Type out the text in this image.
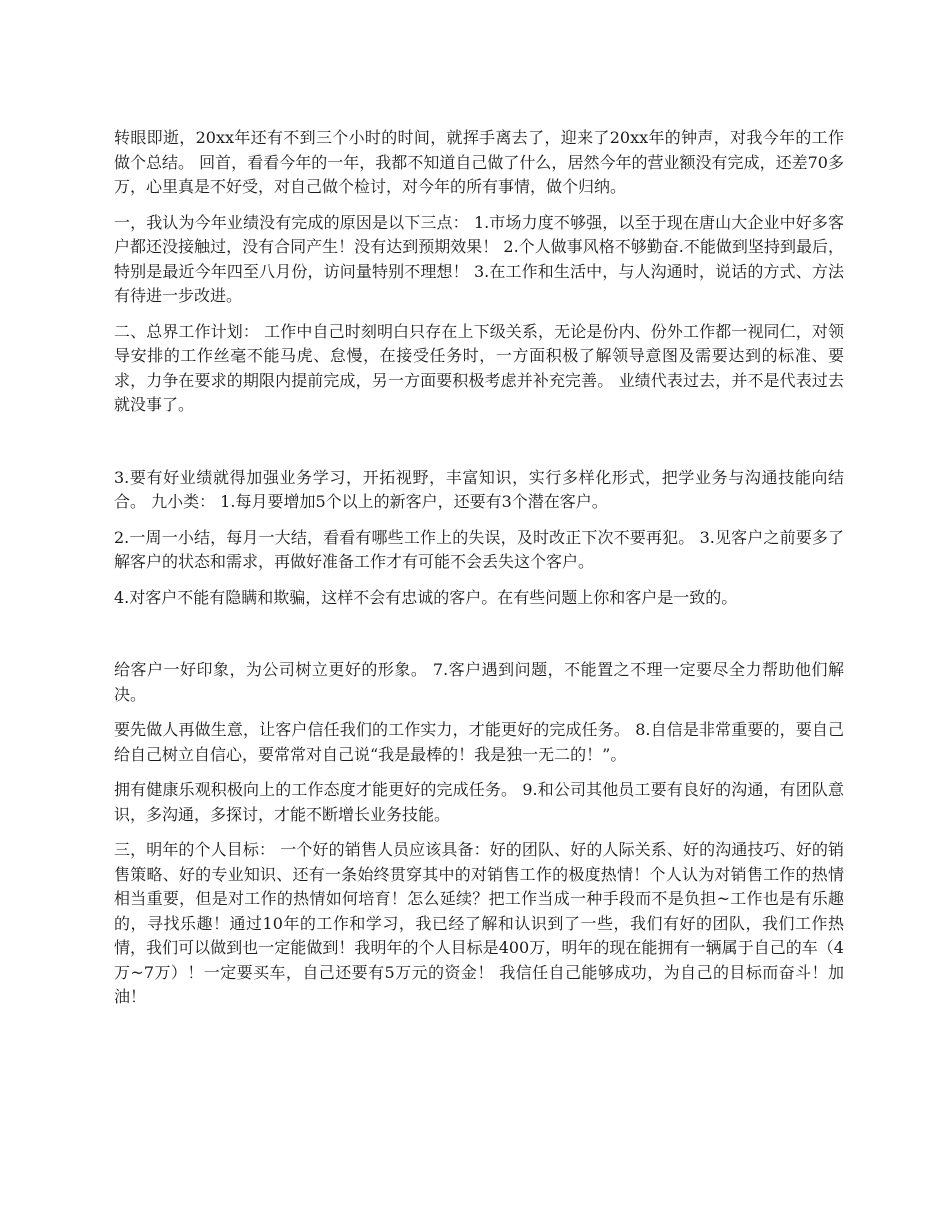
转眼即逝，20xx年还有不到三个小时的时间，就挥手离去了，迎来了20xx年的钟声，对我今年的工作做个总结。 回首，看看今年的一年，我都不知道自己做了什么，居然今年的营业额没有完成，还差70多万，心里真是不好受，对自己做个检讨，对今年的所有事情，做个归纳。

一，我认为今年业绩没有完成的原因是以下三点： 1.市场力度不够强，以至于现在唐山大企业中好多客户都还没接触过，没有合同产生！没有达到预期效果！ 2.个人做事风格不够勤奋.不能做到坚持到最后，特别是最近今年四至八月份，访问量特别不理想！ 3.在工作和生活中，与人沟通时，说话的方式、方法有待进一步改进。

二、总界工作计划： 工作中自己时刻明白只存在上下级关系，无论是份内、份外工作都一视同仁，对领导安排的工作丝毫不能马虎、怠慢，在接受任务时，一方面积极了解领导意图及需要达到的标准、要求，力争在要求的期限内提前完成，另一方面要积极考虑并补充完善。 业绩代表过去，并不是代表过去就没事了。

3.要有好业绩就得加强业务学习，开拓视野，丰富知识，实行多样化形式，把学业务与沟通技能向结合。 九小类： 1.每月要增加5个以上的新客户，还要有3个潜在客户。

2.一周一小结，每月一大结，看看有哪些工作上的失误，及时改正下次不要再犯。 3.见客户之前要多了解客户的状态和需求，再做好准备工作才有可能不会丢失这个客户。

4.对客户不能有隐瞒和欺骗，这样不会有忠诚的客户。在有些问题上你和客户是一致的。

给客户一好印象，为公司树立更好的形象。 7.客户遇到问题，不能置之不理一定要尽全力帮助他们解决。

要先做人再做生意，让客户信任我们的工作实力，才能更好的完成任务。 8.自信是非常重要的，要自己给自己树立自信心，要常常对自己说“我是最棒的！我是独一无二的！”。

拥有健康乐观积极向上的工作态度才能更好的完成任务。 9.和公司其他员工要有良好的沟通，有团队意识，多沟通，多探讨，才能不断增长业务技能。

三，明年的个人目标： 一个好的销售人员应该具备：好的团队、好的人际关系、好的沟通技巧、好的销售策略、好的专业知识、还有一条始终贯穿其中的对销售工作的极度热情！个人认为对销售工作的热情相当重要，但是对工作的热情如何培育！怎么延续？把工作当成一种手段而不是负担~工作也是有乐趣的，寻找乐趣！通过10年的工作和学习，我已经了解和认识到了一些，我们有好的团队，我们工作热情，我们可以做到也一定能做到！我明年的个人目标是400万，明年的现在能拥有一辆属于自己的车（4万~7万）！一定要买车，自己还要有5万元的资金！ 我信任自己能够成功，为自己的目标而奋斗！加油！
